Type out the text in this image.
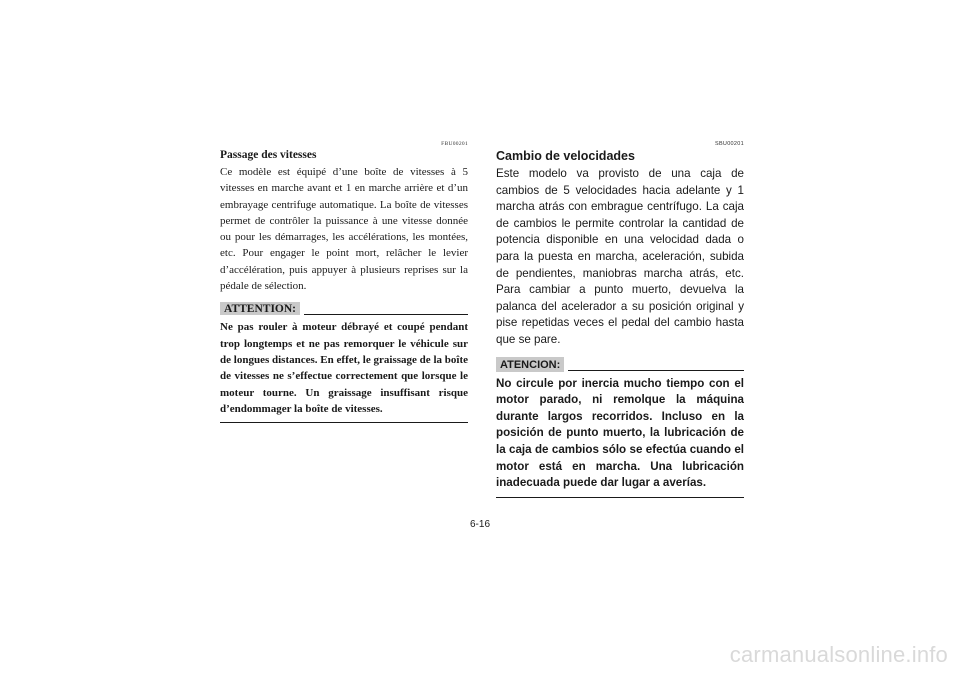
FBU00201
Passage des vitesses

Ce modèle est équipé d’une boîte de vitesses à 5 vitesses en marche avant et 1 en marche arrière et d’un embrayage centrifuge automatique. La boîte de vitesses permet de contrôler la puissance à une vitesse donnée ou pour les démarrages, les accélérations, les montées, etc. Pour engager le point mort, relâcher le levier d’accélération, puis appuyer à plusieurs reprises sur la pédale de sélection.

ATTENTION:

Ne pas rouler à moteur débrayé et coupé pendant trop longtemps et ne pas remorquer le véhicule sur de longues distances. En effet, le graissage de la boîte de vitesses ne s’effectue correctement que lorsque le moteur tourne. Un graissage insuffisant risque d’endommager la boîte de vitesses.

SBU00201
Cambio de velocidades

Este modelo va provisto de una caja de cambios de 5 velocidades hacia adelante y 1 marcha atrás con embrague centrífugo. La caja de cambios le permite controlar la cantidad de potencia disponible en una velocidad dada o para la puesta en marcha, aceleración, subida de pendientes, maniobras marcha atrás, etc. Para cambiar a punto muerto, devuelva la palanca del acelerador a su posición original y pise repetidas veces el pedal del cambio hasta que se pare.

ATENCION:

No circule por inercia mucho tiempo con el motor parado, ni remolque la máquina durante largos recorridos. Incluso en la posición de punto muerto, la lubricación de la caja de cambios sólo se efectúa cuando el motor está en marcha. Una lubricación inadecuada puede dar lugar a averías.

6-16
carmanualsonline.info
